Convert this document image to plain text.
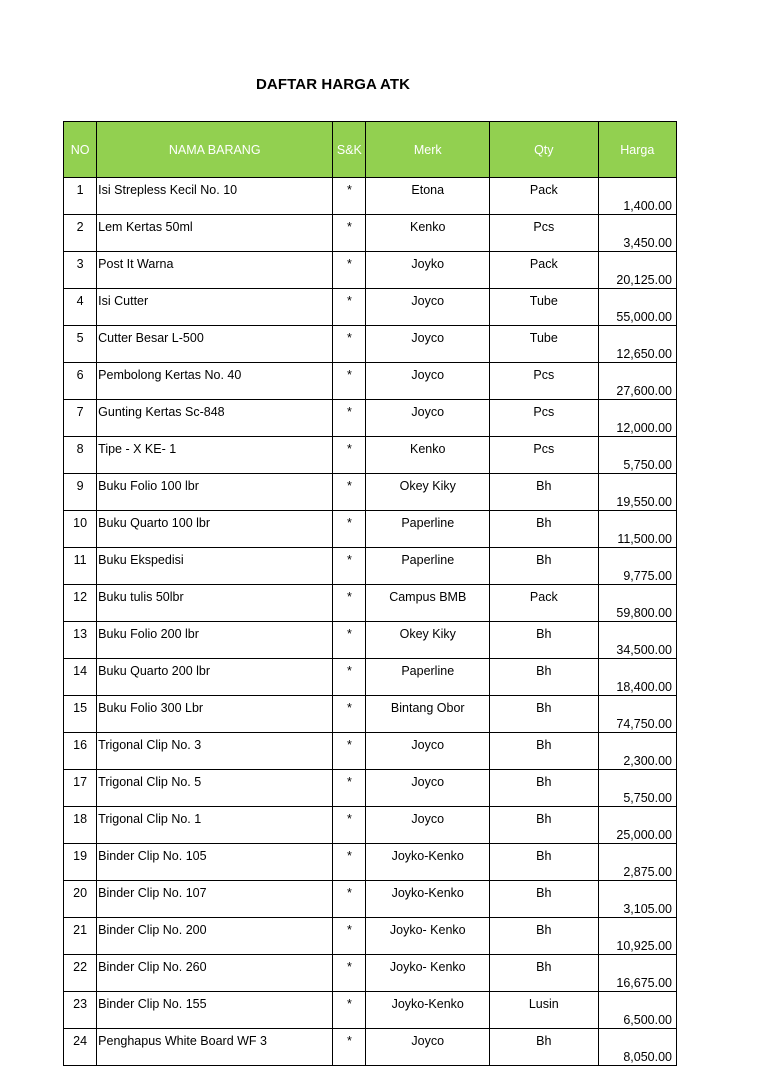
DAFTAR HARGA ATK
NO	NAMA BARANG	S&K	Merk	Qty	Harga
1	Isi Strepless Kecil No. 10	*	Etona	Pack	1,400.00
2	Lem Kertas 50ml	*	Kenko	Pcs	3,450.00
3	Post It Warna	*	Joyko	Pack	20,125.00
4	Isi Cutter	*	Joyco	Tube	55,000.00
5	Cutter Besar L-500	*	Joyco	Tube	12,650.00
6	Pembolong Kertas No. 40	*	Joyco	Pcs	27,600.00
7	Gunting Kertas Sc-848	*	Joyco	Pcs	12,000.00
8	Tipe - X KE- 1	*	Kenko	Pcs	5,750.00
9	Buku Folio 100 lbr	*	Okey Kiky	Bh	19,550.00
10	Buku Quarto 100 lbr	*	Paperline	Bh	11,500.00
11	Buku Ekspedisi	*	Paperline	Bh	9,775.00
12	Buku tulis 50lbr	*	Campus BMB	Pack	59,800.00
13	Buku Folio 200 lbr	*	Okey Kiky	Bh	34,500.00
14	Buku Quarto 200 lbr	*	Paperline	Bh	18,400.00
15	Buku Folio 300 Lbr	*	Bintang Obor	Bh	74,750.00
16	Trigonal Clip No. 3	*	Joyco	Bh	2,300.00
17	Trigonal Clip No. 5	*	Joyco	Bh	5,750.00
18	Trigonal Clip No. 1	*	Joyco	Bh	25,000.00
19	Binder Clip No. 105	*	Joyko-Kenko	Bh	2,875.00
20	Binder Clip No. 107	*	Joyko-Kenko	Bh	3,105.00
21	Binder Clip No. 200	*	Joyko- Kenko	Bh	10,925.00
22	Binder Clip No. 260	*	Joyko- Kenko	Bh	16,675.00
23	Binder Clip No. 155	*	Joyko-Kenko	Lusin	6,500.00
24	Penghapus White Board WF 3	*	Joyco	Bh	8,050.00
